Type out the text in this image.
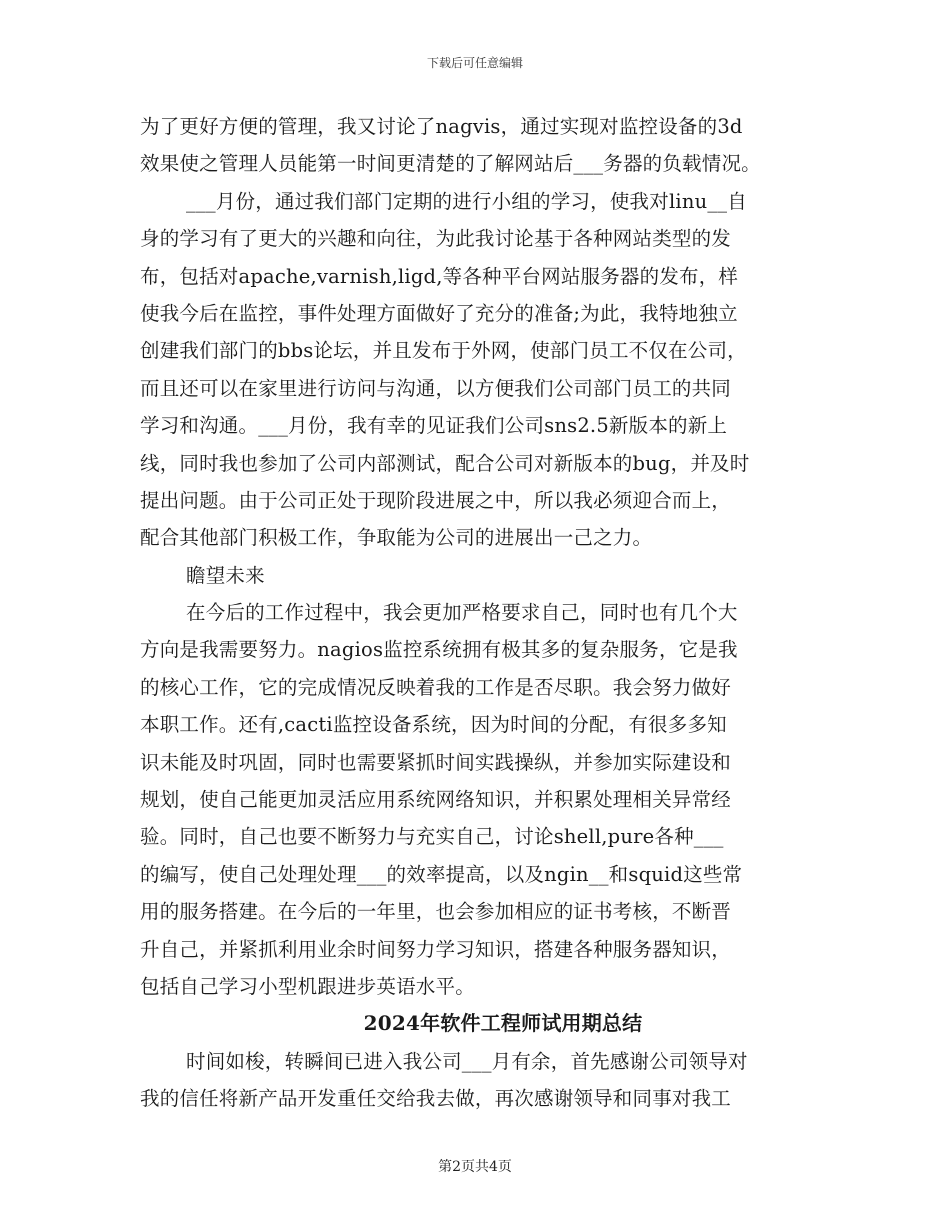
下载后可任意编辑
为了更好方便的管理，我又讨论了nagvis，通过实现对监控设备的3d
效果使之管理人员能第一时间更清楚的了解网站后___务器的负载情况。
___月份，通过我们部门定期的进行小组的学习，使我对linu__自
身的学习有了更大的兴趣和向往，为此我讨论基于各种网站类型的发
布，包括对apache,varnish,ligd,等各种平台网站服务器的发布，样
使我今后在监控，事件处理方面做好了充分的准备;为此，我特地独立
创建我们部门的bbs论坛，并且发布于外网，使部门员工不仅在公司，
而且还可以在家里进行访问与沟通，以方便我们公司部门员工的共同
学习和沟通。___月份，我有幸的见证我们公司sns2.5新版本的新上
线，同时我也参加了公司内部测试，配合公司对新版本的bug，并及时
提出问题。由于公司正处于现阶段进展之中，所以我必须迎合而上，
配合其他部门积极工作，争取能为公司的进展出一己之力。
瞻望未来
在今后的工作过程中，我会更加严格要求自己，同时也有几个大
方向是我需要努力。nagios监控系统拥有极其多的复杂服务，它是我
的核心工作，它的完成情况反映着我的工作是否尽职。我会努力做好
本职工作。还有,cacti监控设备系统，因为时间的分配，有很多多知
识未能及时巩固，同时也需要紧抓时间实践操纵，并参加实际建设和
规划，使自己能更加灵活应用系统网络知识，并积累处理相关异常经
验。同时，自己也要不断努力与充实自己，讨论shell,pure各种___
的编写，使自己处理处理___的效率提高，以及ngin__和squid这些常
用的服务搭建。在今后的一年里，也会参加相应的证书考核，不断晋
升自己，并紧抓利用业余时间努力学习知识，搭建各种服务器知识，
包括自己学习小型机跟进步英语水平。
2024年软件工程师试用期总结
时间如梭，转瞬间已进入我公司___月有余，首先感谢公司领导对
我的信任将新产品开发重任交给我去做，再次感谢领导和同事对我工
第2页共4页
